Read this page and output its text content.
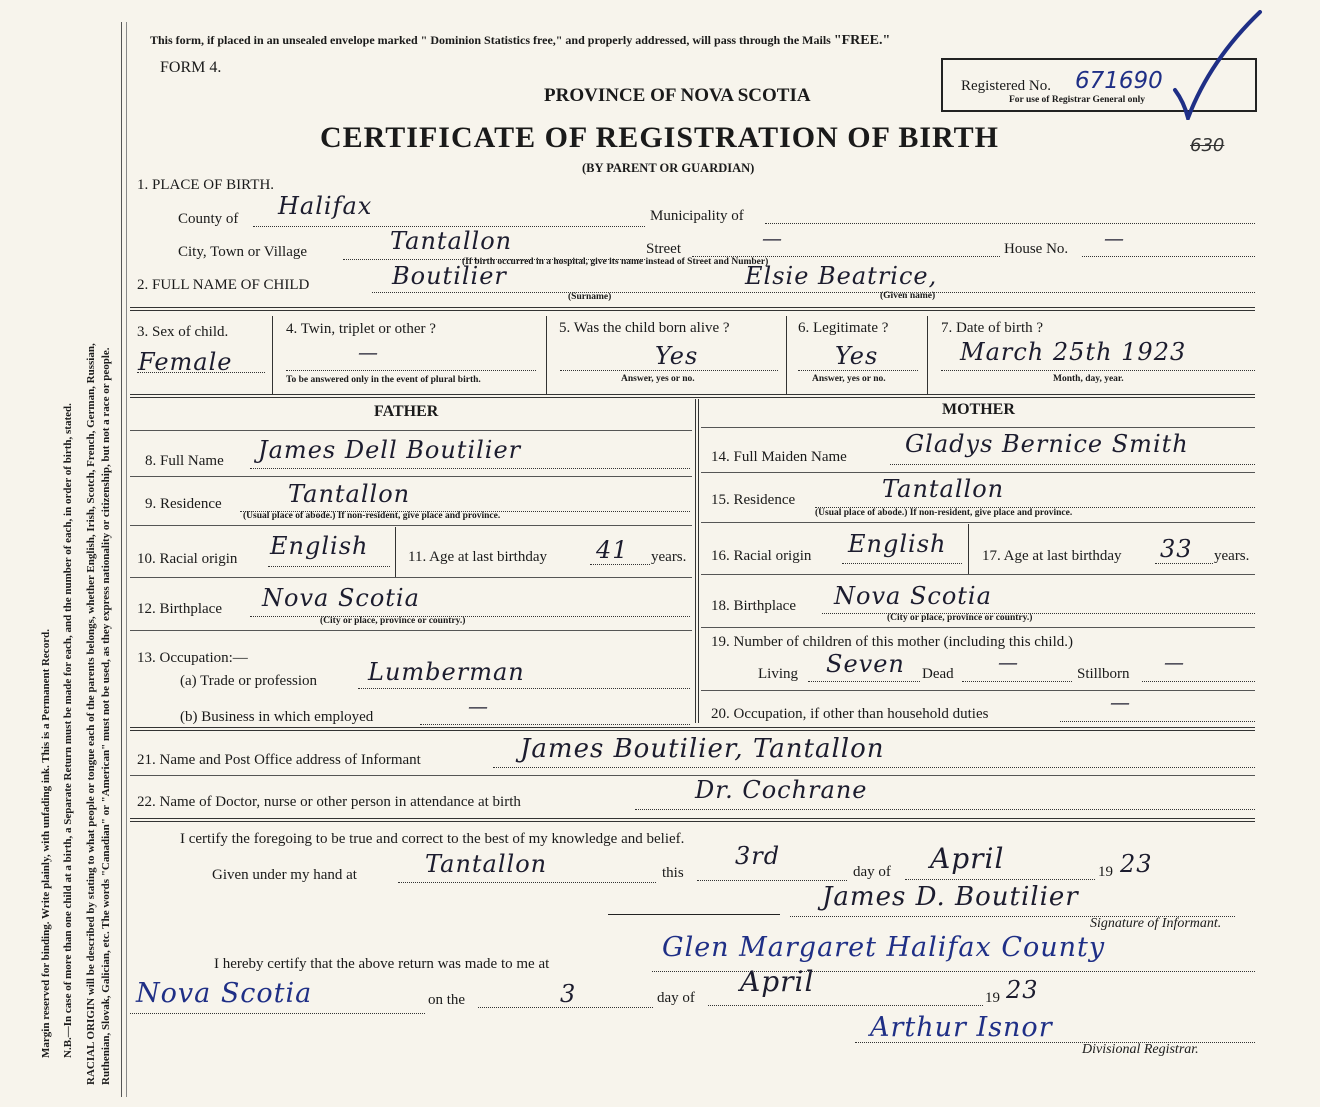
Margin reserved for binding. Write plainly, with unfading ink. This is a Permanent Record. N.B.—In case of more than one child at a birth, a Separate Return must be made for each, and the number of each, in order of birth, stated. RACIAL ORIGIN will be described by stating to what people or tongue each of the parents belongs, whether English, Irish, Scotch, French, German, Russian, Ruthenian, Slovak, Galician, etc. The words "Canadian" or "American" must not be used, as they express nationality or citizenship, but not a race or people.
This form, if placed in an unsealed envelope marked " Dominion Statistics free," and properly addressed, will pass through the Mails "FREE."
FORM 4.
PROVINCE OF NOVA SCOTIA
CERTIFICATE OF REGISTRATION OF BIRTH
(BY PARENT OR GUARDIAN)
Registered No. 671690
For use of Registrar General only
630
1. PLACE OF BIRTH.
County of Halifax	Municipality of
City, Town or Village	Tantallon	Street	—	House No. —
(If birth occurred in a hospital, give its name instead of Street and Number)
2. FULL NAME OF CHILD	Boutilier
(Surname)
Elsie Beatrice,
(Given name)
3. Sex of child.
Female
4. Twin, triplet or other ?
—
To be answered only in the event of plural birth.
5. Was the child born alive ?
Yes
Answer, yes or no.
6. Legitimate ?
Yes
Answer, yes or no.
7. Date of birth ?
March 25th 1923
Month, day, year.
FATHER	MOTHER
8. Full Name James Dell Boutilier
9. Residence	Tantallon
(Usual place of abode.) If non-resident, give place and province.
10. Racial origin English	11. Age at last birthday 41 years.
12. Birthplace Nova Scotia
(City or place, province or country.)
13. Occupation:—
(a) Trade or profession Lumberman
(b) Business in which employed	—
14. Full Maiden Name Gladys Bernice Smith
15. Residence	Tantallon
(Usual place of abode.) If non-resident, give place and province.
16. Racial origin English 17. Age at last birthday 33 years.
18. Birthplace Nova Scotia
(City or place, province or country.)
19. Number of children of this mother (including this child.)
Living Seven Dead —	Stillborn —
20. Occupation, if other than household duties	—
21. Name and Post Office address of Informant	James Boutilier, Tantallon
22. Name of Doctor, nurse or other person in attendance at birth	Dr. Cochrane
I certify the foregoing to be true and correct to the best of my knowledge and belief.
Given under my hand at	Tantallon	this
3rd
day of April	19 23
James D. Boutilier
Signature of Informant.
I hereby certify that the above return was made to me at
Glen Margaret Halifax County
Nova Scotia	on the	3	day of April	19 23
Arthur Isnor
Divisional Registrar.
